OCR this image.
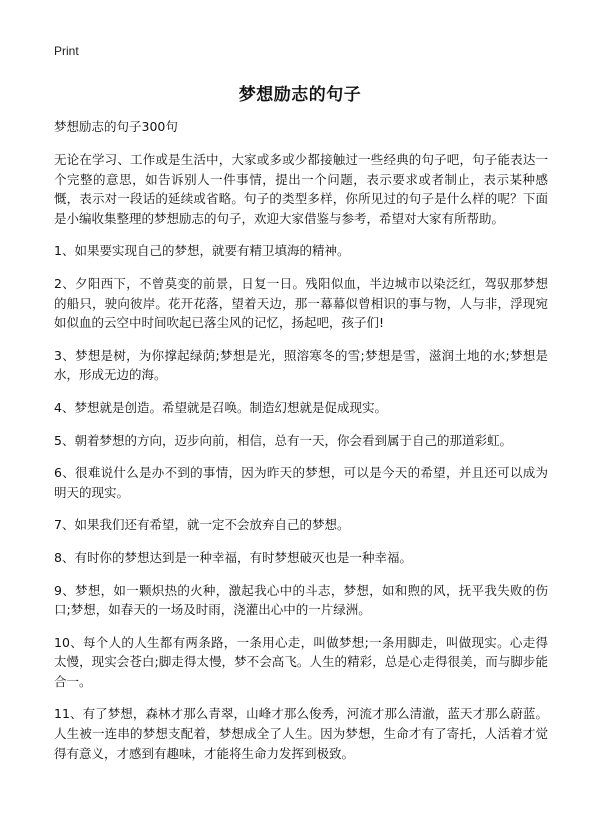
Print
梦想励志的句子

梦想励志的句子300句

无论在学习、工作或是生活中，大家或多或少都接触过一些经典的句子吧，句子能表达一个完整的意思，如告诉别人一件事情，提出一个问题，表示要求或者制止，表示某种感慨，表示对一段话的延续或省略。句子的类型多样，你所见过的句子是什么样的呢？下面是小编收集整理的梦想励志的句子，欢迎大家借鉴与参考，希望对大家有所帮助。

1、如果要实现自己的梦想，就要有精卫填海的精神。

2、夕阳西下，不曾莫变的前景，日复一日。残阳似血，半边城市以染泛红，驾驭那梦想的船只，驶向彼岸。花开花落，望着天边，那一幕幕似曾相识的事与物，人与非，浮现宛如似血的云空中时间吹起已落尘风的记忆，扬起吧，孩子们!

3、梦想是树，为你撑起绿荫;梦想是光，照溶寒冬的雪;梦想是雪，滋润土地的水;梦想是水，形成无边的海。

4、梦想就是创造。希望就是召唤。制造幻想就是促成现实。

5、朝着梦想的方向，迈步向前，相信，总有一天，你会看到属于自己的那道彩虹。

6、很难说什么是办不到的事情，因为昨天的梦想，可以是今天的希望，并且还可以成为明天的现实。

7、如果我们还有希望，就一定不会放弃自己的梦想。

8、有时你的梦想达到是一种幸福，有时梦想破灭也是一种幸福。

9、梦想，如一颗炽热的火种，激起我心中的斗志，梦想，如和煦的风，抚平我失败的伤口;梦想，如春天的一场及时雨，浇灌出心中的一片绿洲。

10、每个人的人生都有两条路，一条用心走，叫做梦想;一条用脚走，叫做现实。心走得太慢，现实会苍白;脚走得太慢，梦不会高飞。人生的精彩，总是心走得很美，而与脚步能合一。

11、有了梦想，森林才那么青翠，山峰才那么俊秀，河流才那么清澈，蓝天才那么蔚蓝。人生被一连串的梦想支配着，梦想成全了人生。因为梦想，生命才有了寄托，人活着才觉得有意义，才感到有趣味，才能将生命力发挥到极致。
